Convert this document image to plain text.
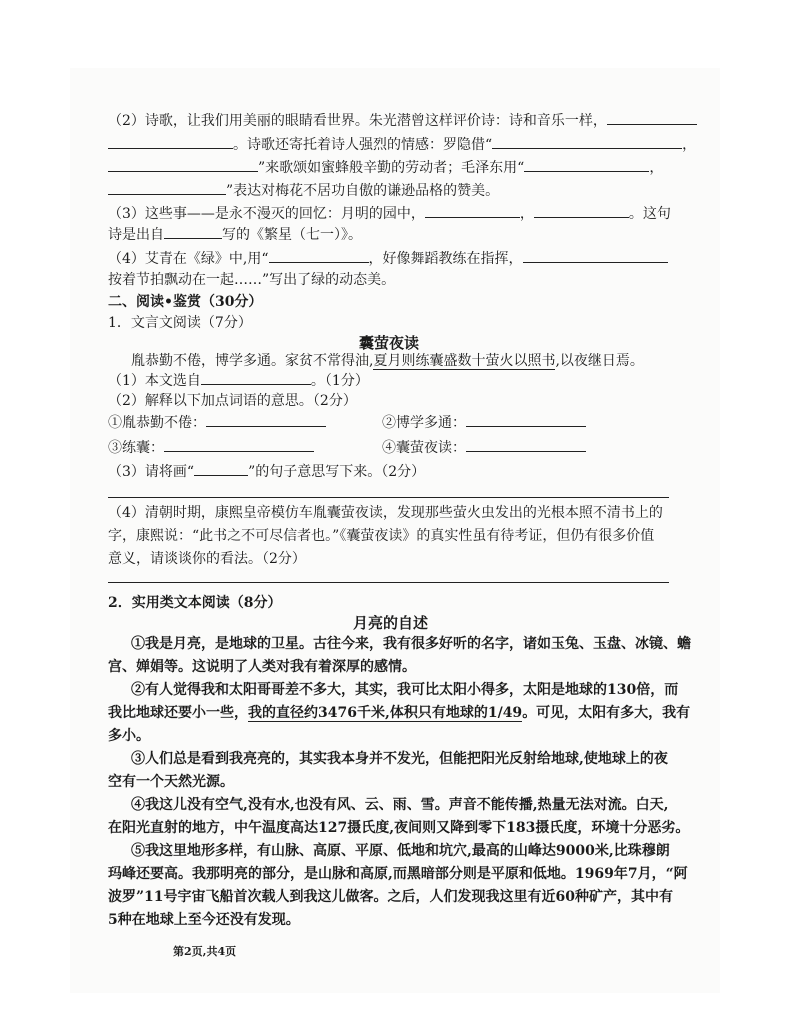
（2）诗歌，让我们用美丽的眼睛看世界。朱光潜曾这样评价诗：诗和音乐一样，
。诗歌还寄托着诗人强烈的情感：罗隐借“	，
”来歌颂如蜜蜂般辛勤的劳动者；毛泽东用“	，
”表达对梅花不居功自傲的谦逊品格的赞美。
（3）这些事——是永不漫灭的回忆：月明的园中，	，	。这句
诗是出自	写的《繁星（七一）》。
（4）艾青在《绿》中,用“	，好像舞蹈教练在指挥，
按着节拍飘动在一起……”写出了绿的动态美。
二、阅读•鉴赏（30分）
1．文言文阅读（7分）
囊萤夜读
胤恭勤不倦，博学多通。家贫不常得油,夏月则练囊盛数十萤火以照书,以夜继日焉。
（1）本文选自	。（1分）
（2）解释以下加点词语的意思。（2分）
①胤恭勤不倦：	②博学多通：
③练囊：	④囊萤夜读：
（3）请将画“	”的句子意思写下来。（2分）
（4）清朝时期，康熙皇帝模仿车胤囊萤夜读，发现那些萤火虫发出的光根本照不清书上的
字，康熙说：“此书之不可尽信者也。”《囊萤夜读》的真实性虽有待考证，但仍有很多价值
意义，请谈谈你的看法。（2分）
2．实用类文本阅读（8分）
月亮的自述
①我是月亮，是地球的卫星。古往今来，我有很多好听的名字，诸如玉兔、玉盘、冰镜、蟾
宫、婵娟等。这说明了人类对我有着深厚的感情。
②有人觉得我和太阳哥哥差不多大，其实，我可比太阳小得多，太阳是地球的130倍，而
我比地球还要小一些，我的直径约3476千米,体积只有地球的1/49。可见，太阳有多大，我有
多小。
③人们总是看到我亮亮的，其实我本身并不发光，但能把阳光反射给地球,使地球上的夜
空有一个天然光源。
④我这儿没有空气,没有水,也没有风、云、雨、雪。声音不能传播,热量无法对流。白天,
在阳光直射的地方，中午温度高达127摄氏度,夜间则又降到零下183摄氏度，环境十分恶劣。
⑤我这里地形多样，有山脉、高原、平原、低地和坑穴,最高的山峰达9000米,比珠穆朗
玛峰还要高。我那明亮的部分，是山脉和高原,而黑暗部分则是平原和低地。1969年7月，“阿
波罗”11号宇宙飞船首次载人到我这儿做客。之后，人们发现我这里有近60种矿产，其中有
5种在地球上至今还没有发现。
第2页,共4页
